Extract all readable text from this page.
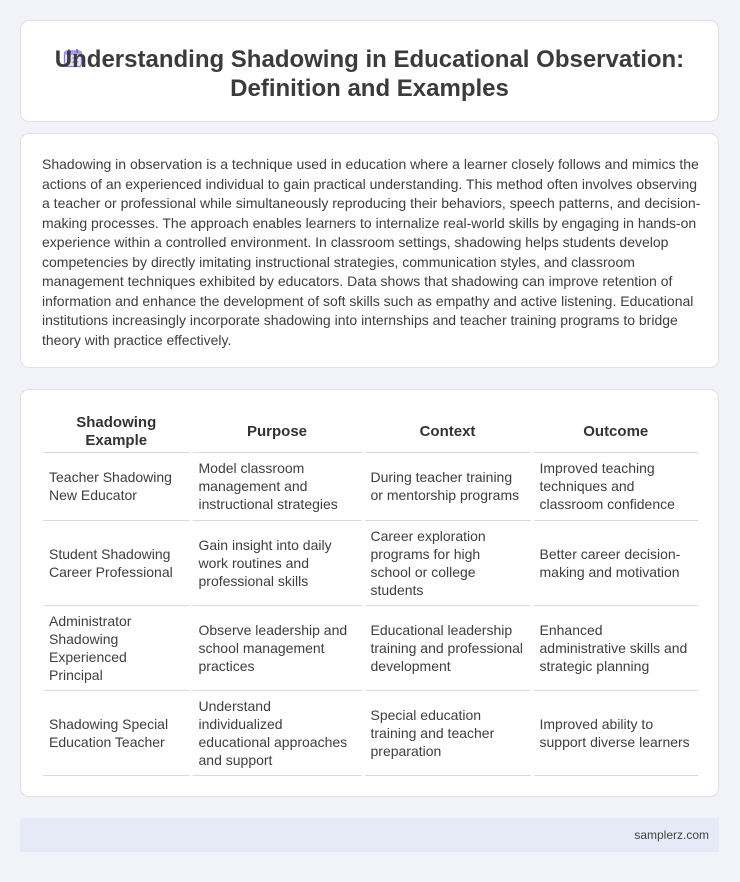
Understanding Shadowing in Educational Observation:
Definition and Examples

Shadowing in observation is a technique used in education where a learner closely follows and mimics the actions of an experienced individual to gain practical understanding. This method often involves observing a teacher or professional while simultaneously reproducing their behaviors, speech patterns, and decision-making processes. The approach enables learners to internalize real-world skills by engaging in hands-on experience within a controlled environment. In classroom settings, shadowing helps students develop competencies by directly imitating instructional strategies, communication styles, and classroom management techniques exhibited by educators. Data shows that shadowing can improve retention of information and enhance the development of soft skills such as empathy and active listening. Educational institutions increasingly incorporate shadowing into internships and teacher training programs to bridge theory with practice effectively.

Shadowing Example	Purpose	Context	Outcome
Teacher Shadowing New Educator	Model classroom management and instructional strategies	During teacher training or mentorship programs	Improved teaching techniques and classroom confidence
Student Shadowing Career Professional	Gain insight into daily work routines and professional skills	Career exploration programs for high school or college students	Better career decision-making and motivation
Administrator Shadowing Experienced Principal	Observe leadership and school management practices	Educational leadership training and professional development	Enhanced administrative skills and strategic planning
Shadowing Special Education Teacher	Understand individualized educational approaches and support	Special education training and teacher preparation	Improved ability to support diverse learners
samplerz.com
